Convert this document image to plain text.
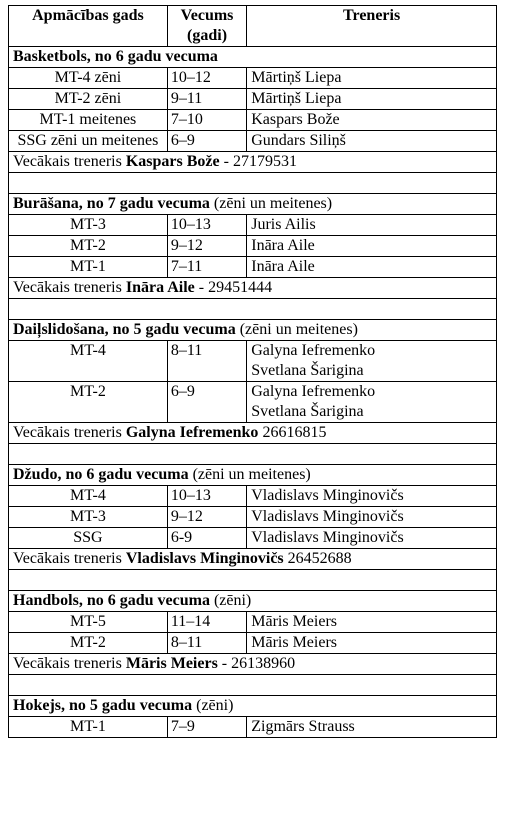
Apmācības gads	Vecums (gadi)	Treneris
Basketbols, no 6 gadu vecuma		
MT-4 zēni	10–12	Mārtiņš Liepa

MT-2 zēni	9–11	Mārtiņš Liepa

MT-1 meitenes	7–10	Kaspars Bože

SSG zēni un meitenes	6–9	Gundars Siliņš

Vecākais treneris Kaspars Bože - 27179531		

Burāšana, no 7 gadu vecuma (zēni un meitenes)		
MT-3	10–13	Juris Ailis

MT-2	9–12	Ināra Aile

MT-1	7–11	Ināra Aile

Vecākais treneris Ināra Aile - 29451444		

Daiļslidošana, no 5 gadu vecuma (zēni un meitenes)		
MT-4	8–11	Galyna Iefremenko
Svetlana Šarigina

MT-2	6–9	Galyna Iefremenko
Svetlana Šarigina

Vecākais treneris Galyna Iefremenko 26616815		

Džudo, no 6 gadu vecuma (zēni un meitenes)		
MT-4	10–13	Vladislavs Minginovičs

MT-3	9–12	Vladislavs Minginovičs

SSG	6-9	Vladislavs Minginovičs

Vecākais treneris Vladislavs Minginovičs 26452688		

Handbols, no 6 gadu vecuma (zēni)		
MT-5	11–14	Māris Meiers

MT-2	8–11	Māris Meiers

Vecākais treneris Māris Meiers - 26138960		

Hokejs, no 5 gadu vecuma (zēni)		
MT-1	7–9	Zigmārs Strauss
